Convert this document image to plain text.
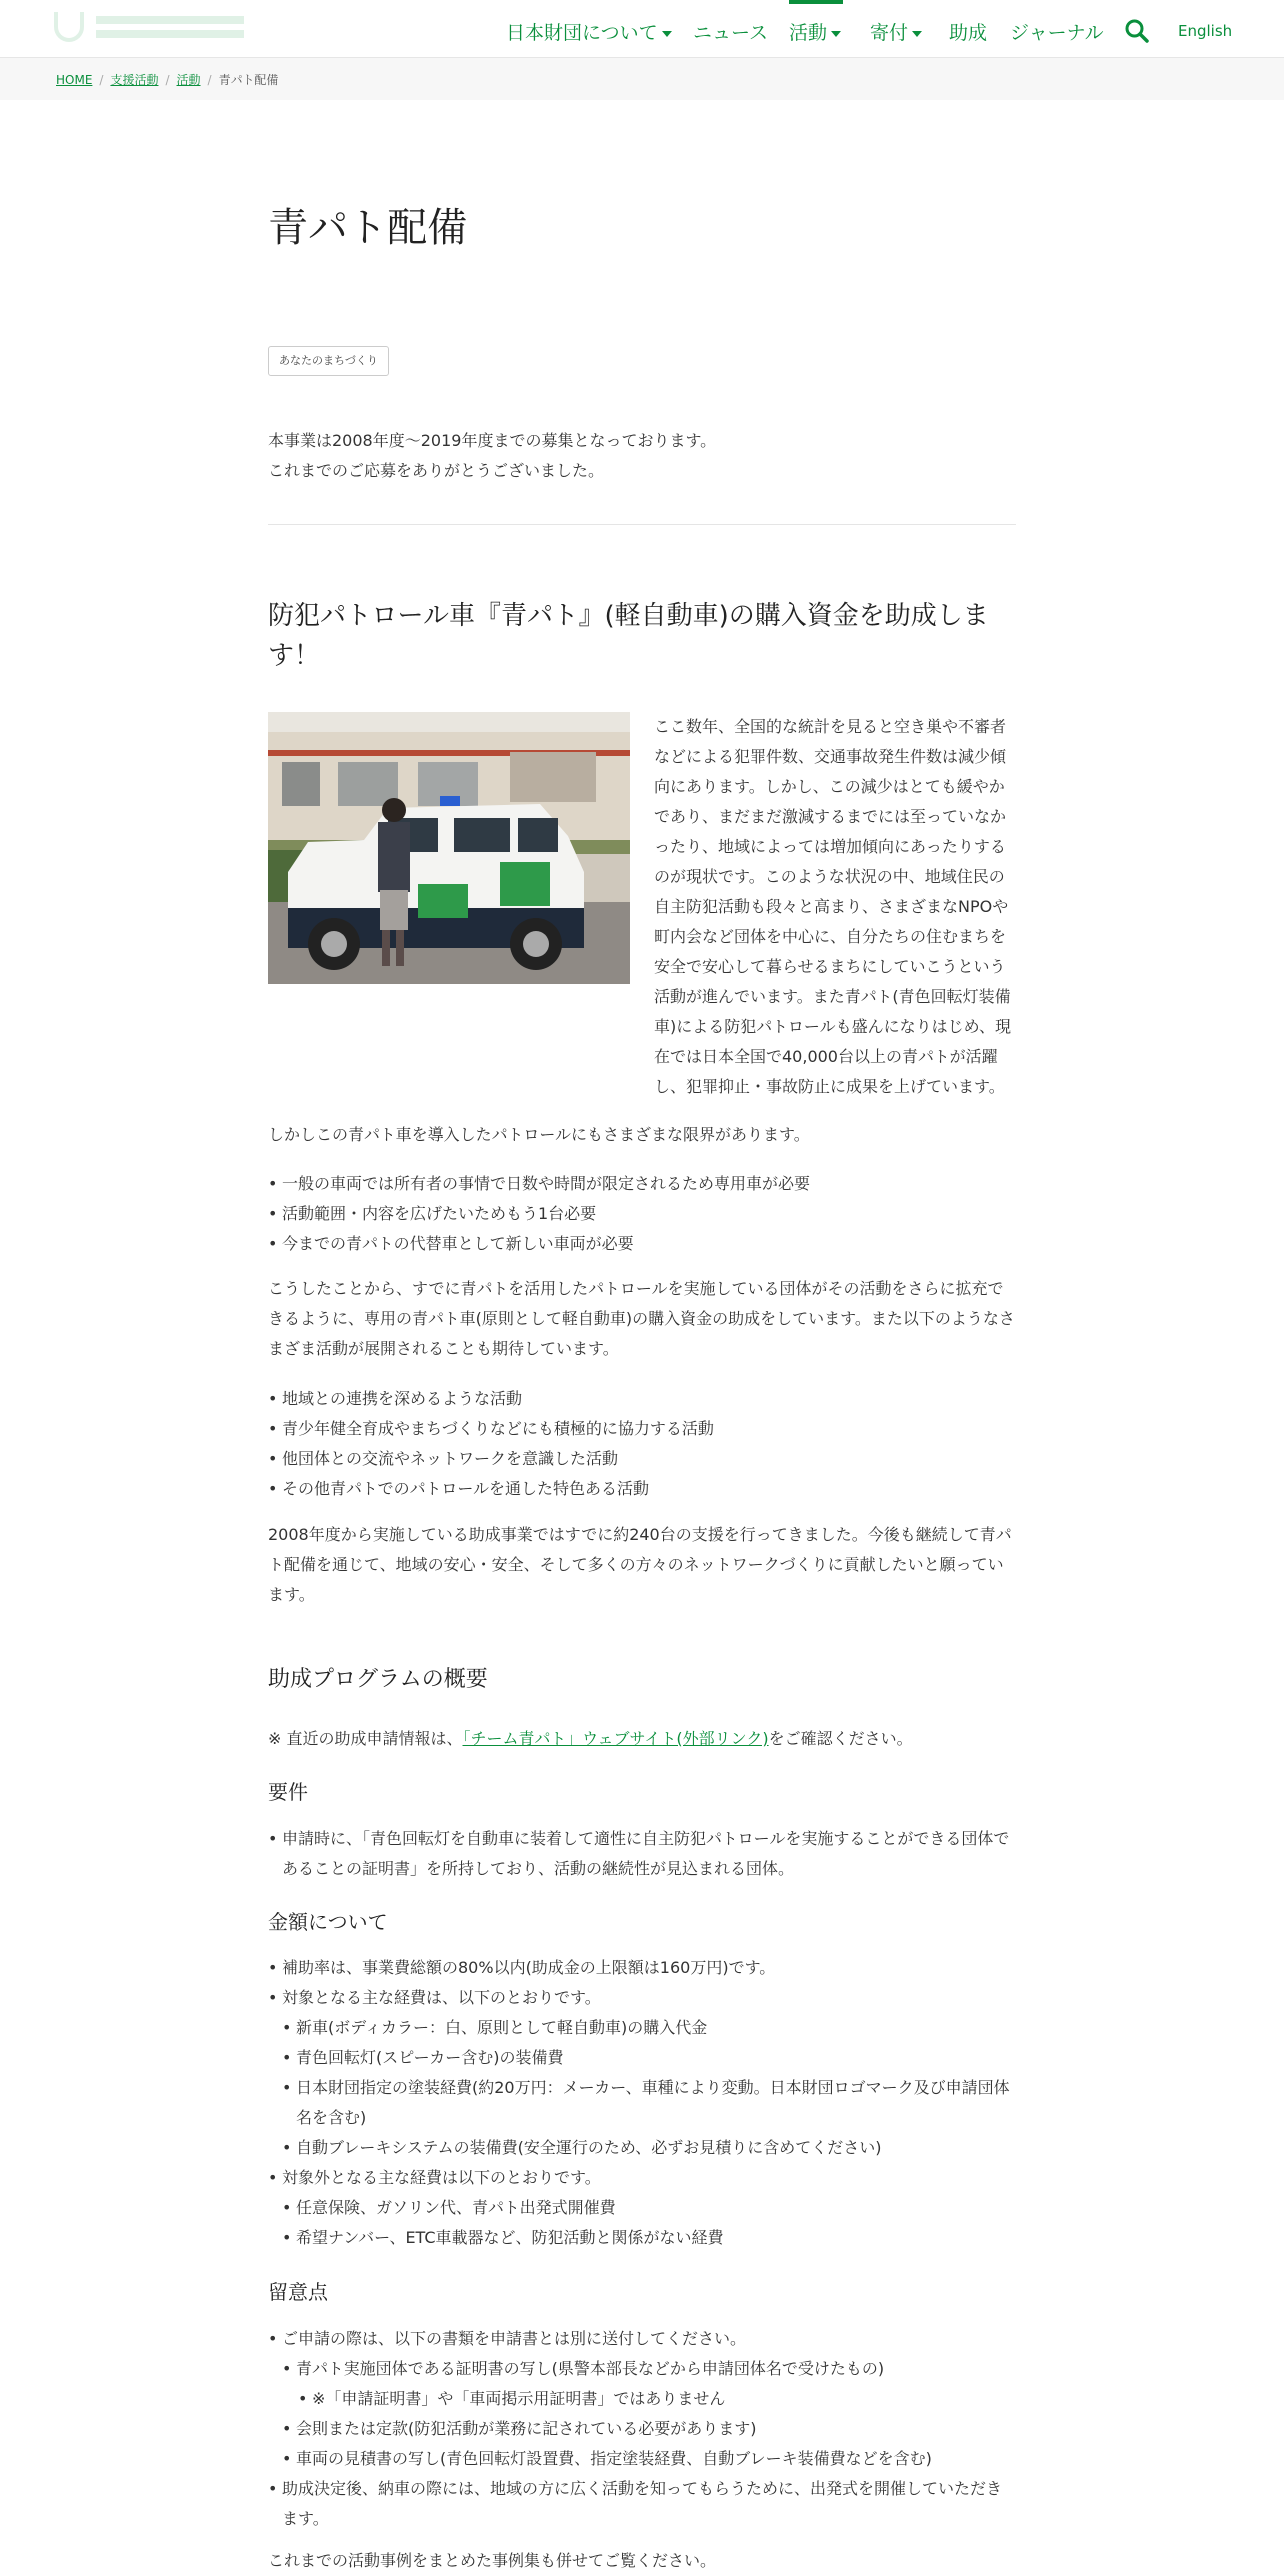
日本財団について	ニュース 活動	寄付	助成 ジャーナル	English
HOME / 支援活動 / 活動 / 青パト配備
青パト配備
あなたのまちづくり
本事業は2008年度〜2019年度までの募集となっております。
これまでのご応募をありがとうございました。
防犯パトロール車『青パト』(軽自動車)の購入資金を助成します！
ここ数年、全国的な統計を見ると空き巣や不審者などによる犯罪件数、交通事故発生件数は減少傾向にあります。しかし、この減少はとても緩やかであり、まだまだ激減するまでには至っていなかったり、地域によっては増加傾向にあったりするのが現状です。このような状況の中、地域住民の自主防犯活動も段々と高まり、さまざまなNPOや町内会など団体を中心に、自分たちの住むまちを安全で安心して暮らせるまちにしていこうという活動が進んでいます。また青パト(青色回転灯装備車)による防犯パトロールも盛んになりはじめ、現在では日本全国で40,000台以上の青パトが活躍し、犯罪抑止・事故防止に成果を上げています。

しかしこの青パト車を導入したパトロールにもさまざまな限界があります。

• 一般の車両では所有者の事情で日数や時間が限定されるため専用車が必要
• 活動範囲・内容を広げたいためもう1台必要
• 今までの青パトの代替車として新しい車両が必要

こうしたことから、すでに青パトを活用したパトロールを実施している団体がその活動をさらに拡充できるように、専用の青パト車(原則として軽自動車)の購入資金の助成をしています。また以下のようなさまざま活動が展開されることも期待しています。

• 地域との連携を深めるような活動
• 青少年健全育成やまちづくりなどにも積極的に協力する活動
• 他団体との交流やネットワークを意識した活動
• その他青パトでのパトロールを通した特色ある活動

2008年度から実施している助成事業ではすでに約240台の支援を行ってきました。今後も継続して青パト配備を通じて、地域の安心・安全、そして多くの方々のネットワークづくりに貢献したいと願っています。

助成プログラムの概要

※ 直近の助成申請情報は、「チーム青パト」ウェブサイト(外部リンク)をご確認ください。

要件
• 申請時に、「青色回転灯を自動車に装着して適性に自主防犯パトロールを実施することができる団体であることの証明書」を所持しており、活動の継続性が見込まれる団体。
金額について
• 補助率は、事業費総額の80%以内(助成金の上限額は160万円)です。
• 対象となる主な経費は、以下のとおりです。
• 新車(ボディカラー：白、原則として軽自動車)の購入代金
• 青色回転灯(スピーカー含む)の装備費
• 日本財団指定の塗装経費(約20万円：メーカー、車種により変動。日本財団ロゴマーク及び申請団体名を含む)
• 自動ブレーキシステムの装備費(安全運行のため、必ずお見積りに含めてください)
• 対象外となる主な経費は以下のとおりです。
• 任意保険、ガソリン代、青パト出発式開催費
• 希望ナンバー、ETC車載器など、防犯活動と関係がない経費
留意点
• ご申請の際は、以下の書類を申請書とは別に送付してください。
• 青パト実施団体である証明書の写し(県警本部長などから申請団体名で受けたもの)
• ※「申請証明書」や「車両掲示用証明書」ではありません
• 会則または定款(防犯活動が業務に記されている必要があります)
• 車両の見積書の写し(青色回転灯設置費、指定塗装経費、自動ブレーキ装備費などを含む)
• 助成決定後、納車の際には、地域の方に広く活動を知ってもらうために、出発式を開催していただきます。

これまでの活動事例をまとめた事例集も併せてご覧ください。
